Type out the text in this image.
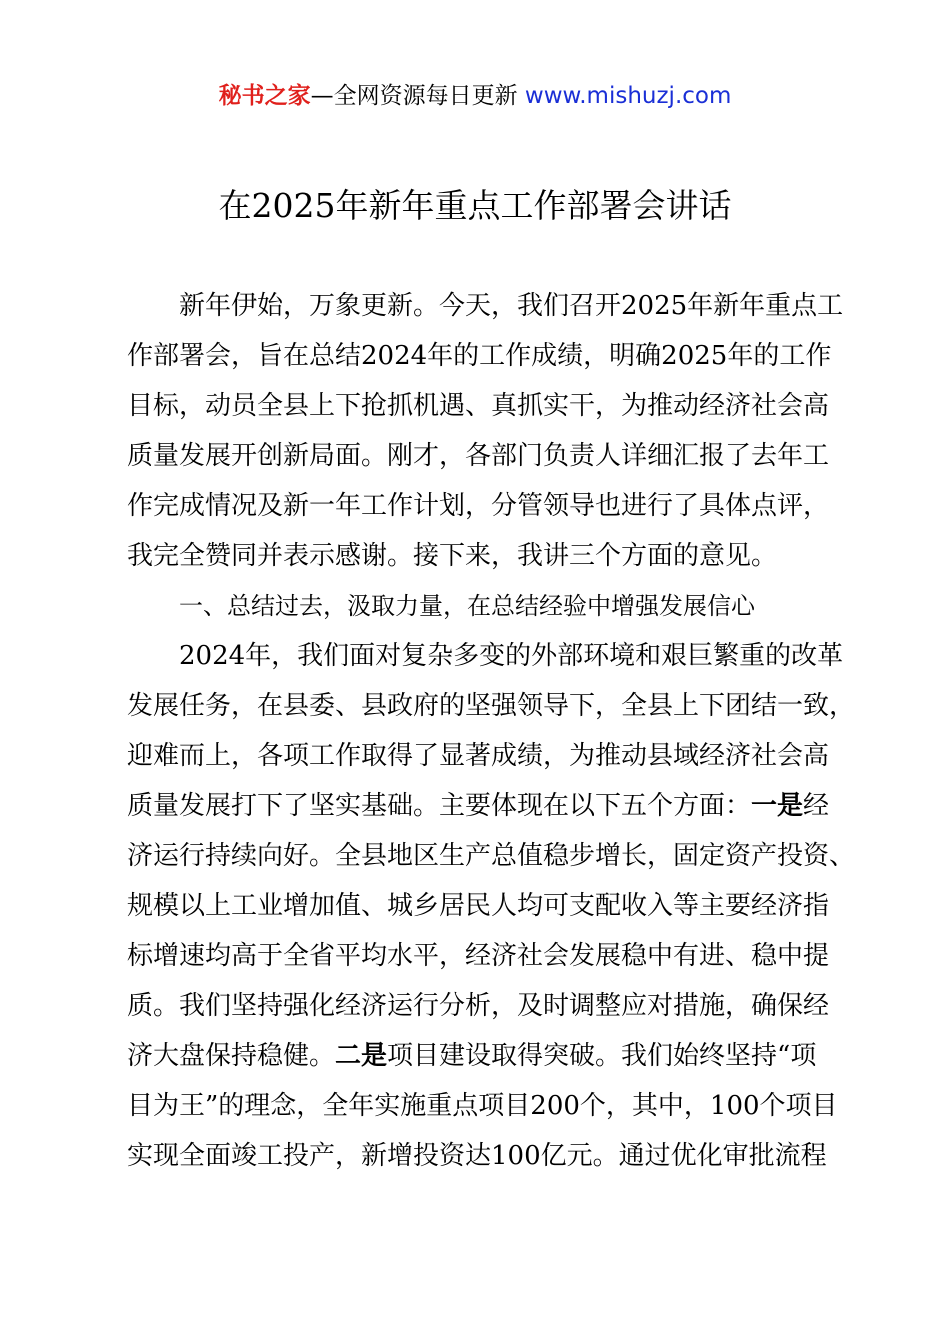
秘书之家—全网资源每日更新 www.mishuzj.com
在2025年新年重点工作部署会讲话
新年伊始，万象更新。今天，我们召开2025年新年重点工
作部署会，旨在总结2024年的工作成绩，明确2025年的工作
目标，动员全县上下抢抓机遇、真抓实干，为推动经济社会高
质量发展开创新局面。刚才，各部门负责人详细汇报了去年工
作完成情况及新一年工作计划，分管领导也进行了具体点评，
我完全赞同并表示感谢。接下来，我讲三个方面的意见。
一、总结过去，汲取力量，在总结经验中增强发展信心
2024年，我们面对复杂多变的外部环境和艰巨繁重的改革
发展任务，在县委、县政府的坚强领导下，全县上下团结一致，
迎难而上，各项工作取得了显著成绩，为推动县域经济社会高
质量发展打下了坚实基础。主要体现在以下五个方面：一是经
济运行持续向好。全县地区生产总值稳步增长，固定资产投资、
规模以上工业增加值、城乡居民人均可支配收入等主要经济指
标增速均高于全省平均水平，经济社会发展稳中有进、稳中提
质。我们坚持强化经济运行分析，及时调整应对措施，确保经
济大盘保持稳健。二是项目建设取得突破。我们始终坚持“项
目为王”的理念，全年实施重点项目200个，其中，100个项目
实现全面竣工投产，新增投资达100亿元。通过优化审批流程
